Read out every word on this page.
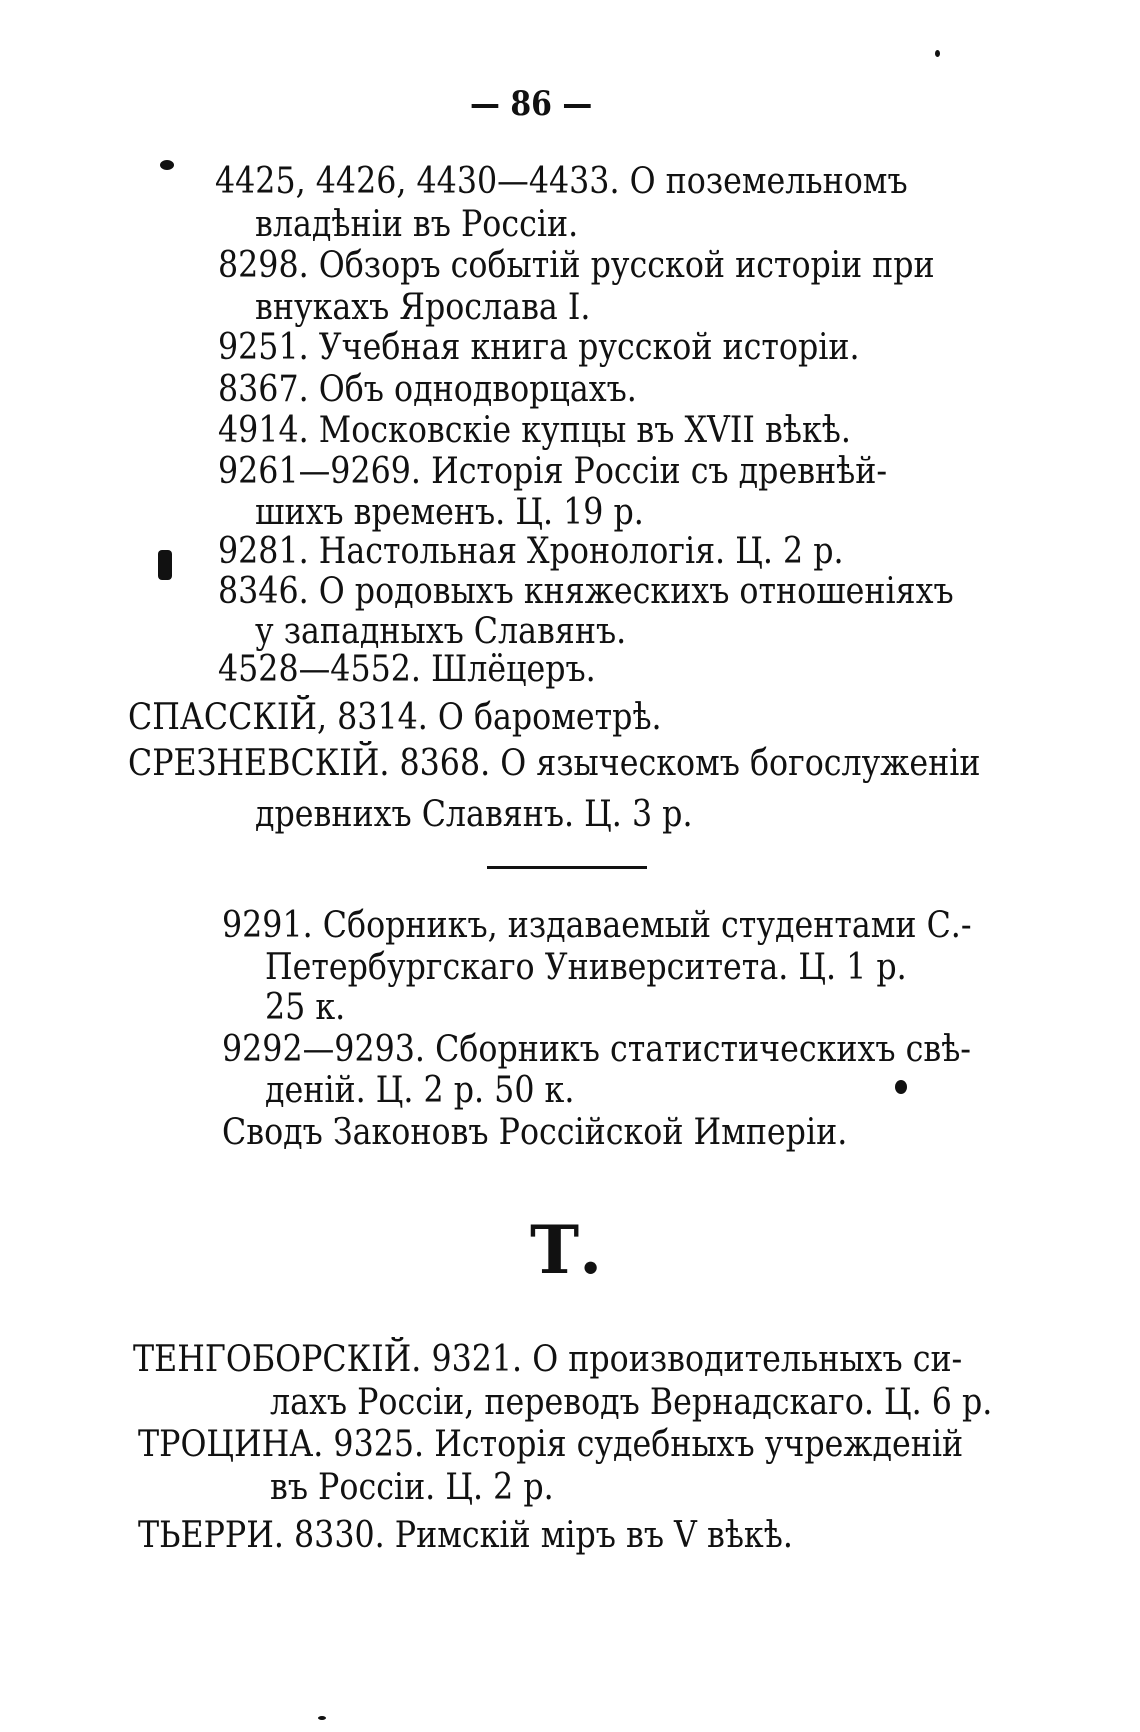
— 86 —
4425, 4426, 4430—4433. О поземельномъ
владѣніи въ Россіи.
8298. Обзоръ событій русской исторіи при
внукахъ Ярослава I.
9251. Учебная книга русской исторіи.
8367. Объ однодворцахъ.
4914. Московскіе купцы въ XVII вѣкѣ.
9261—9269. Исторія Россіи съ древнѣй-
шихъ временъ. Ц. 19 р.
9281. Настольная Хронологія. Ц. 2 р.
8346. О родовыхъ княжескихъ отношеніяхъ
у западныхъ Славянъ.
4528—4552. Шлёцеръ.
СПАССКІЙ, 8314. О барометрѣ.
СРЕЗНЕВСКІЙ. 8368. О языческомъ богослуженіи
древнихъ Славянъ. Ц. 3 р.
9291. Сборникъ, издаваемый студентами С.-
Петербургскаго Университета. Ц. 1 р.
25 к.
9292—9293. Сборникъ статистическихъ свѣ-
деній. Ц. 2 р. 50 к.
Сводъ Законовъ Россійской Имперіи.
Т.
ТЕНГОБОРСКІЙ. 9321. О производительныхъ си-
лахъ Россіи, переводъ Вернадскаго. Ц. 6 р.
ТРОЦИНА. 9325. Исторія судебныхъ учрежденій
въ Россіи. Ц. 2 р.
ТЬЕРРИ. 8330. Римскій міръ въ V вѣкѣ.
